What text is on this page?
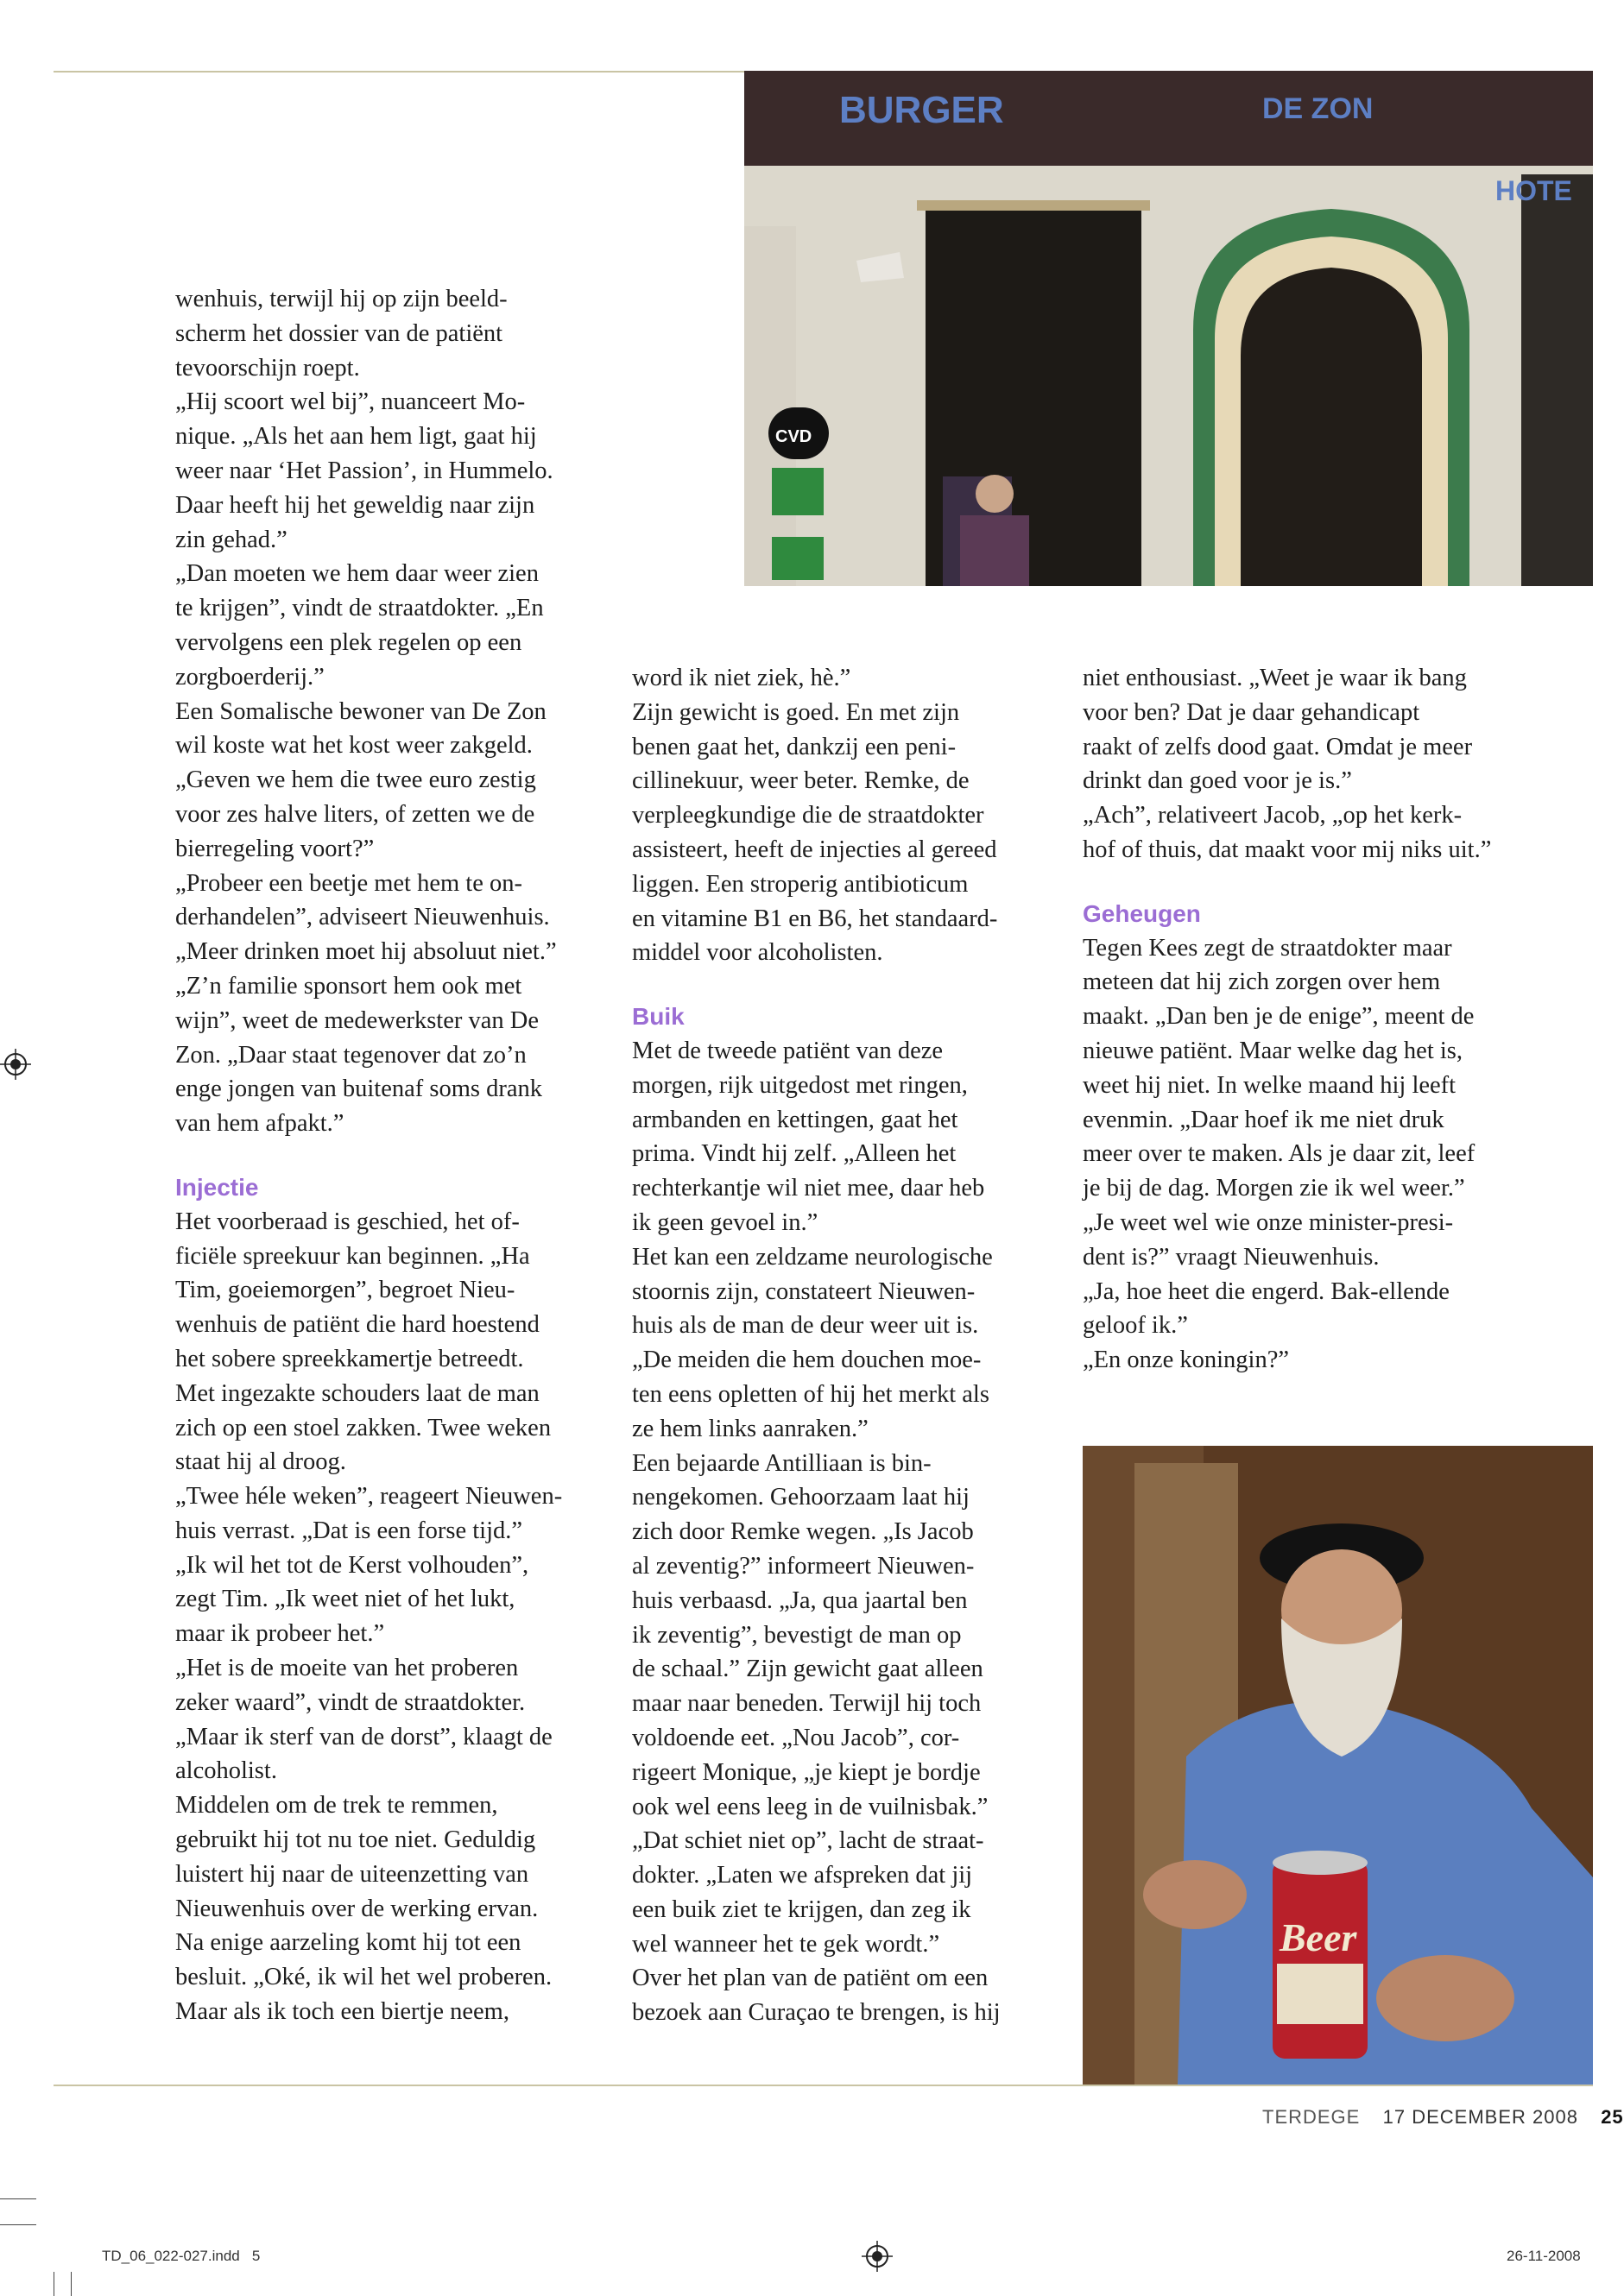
BURGER	DE ZON
HOTE
CVD

wenhuis, terwijl hij op zijn beeld-
scherm het dossier van de patiënt
tevoorschijn roept.
„Hij scoort wel bij”, nuanceert Mo-
nique. „Als het aan hem ligt, gaat hij
weer naar ‘Het Passion’, in Hummelo.
Daar heeft hij het geweldig naar zijn
zin gehad.”
„Dan moeten we hem daar weer zien
te krijgen”, vindt de straatdokter. „En
vervolgens een plek regelen op een
zorgboerderij.”
Een Somalische bewoner van De Zon
wil koste wat het kost weer zakgeld.
„Geven we hem die twee euro zestig
voor zes halve liters, of zetten we de
bierregeling voort?”
„Probeer een beetje met hem te on-
derhandelen”, adviseert Nieuwenhuis.
„Meer drinken moet hij absoluut niet.”
„Z’n familie sponsort hem ook met
wijn”, weet de medewerkster van De
Zon. „Daar staat tegenover dat zo’n
enge jongen van buitenaf soms drank
van hem afpakt.”

Injectie

Het voorberaad is geschied, het of-
ficiële spreekuur kan beginnen. „Ha
Tim, goeiemorgen”, begroet Nieu-
wenhuis de patiënt die hard hoestend
het sobere spreekkamertje betreedt.
Met ingezakte schouders laat de man
zich op een stoel zakken. Twee weken
staat hij al droog.
„Twee héle weken”, reageert Nieuwen-
huis verrast. „Dat is een forse tijd.”
„Ik wil het tot de Kerst volhouden”,
zegt Tim. „Ik weet niet of het lukt,
maar ik probeer het.”
„Het is de moeite van het proberen
zeker waard”, vindt de straatdokter.
„Maar ik sterf van de dorst”, klaagt de
alcoholist.
Middelen om de trek te remmen,
gebruikt hij tot nu toe niet. Geduldig
luistert hij naar de uiteenzetting van
Nieuwenhuis over de werking ervan.
Na enige aarzeling komt hij tot een
besluit. „Oké, ik wil het wel proberen.
Maar als ik toch een biertje neem,

word ik niet ziek, hè.”
Zijn gewicht is goed. En met zijn
benen gaat het, dankzij een peni-
cillinekuur, weer beter. Remke, de
verpleegkundige die de straatdokter
assisteert, heeft de injecties al gereed
liggen. Een stroperig antibioticum
en vitamine B1 en B6, het standaard-
middel voor alcoholisten.

Buik

Met de tweede patiënt van deze
morgen, rijk uitgedost met ringen,
armbanden en kettingen, gaat het
prima. Vindt hij zelf. „Alleen het
rechterkantje wil niet mee, daar heb
ik geen gevoel in.”
Het kan een zeldzame neurologische
stoornis zijn, constateert Nieuwen-
huis als de man de deur weer uit is.
„De meiden die hem douchen moe-
ten eens opletten of hij het merkt als
ze hem links aanraken.”
Een bejaarde Antilliaan is bin-
nengekomen. Gehoorzaam laat hij
zich door Remke wegen. „Is Jacob
al zeventig?” informeert Nieuwen-
huis verbaasd. „Ja, qua jaartal ben
ik zeventig”, bevestigt de man op
de schaal.” Zijn gewicht gaat alleen
maar naar beneden. Terwijl hij toch
voldoende eet. „Nou Jacob”, cor-
rigeert Monique, „je kiept je bordje
ook wel eens leeg in de vuilnisbak.”
„Dat schiet niet op”, lacht de straat-
dokter. „Laten we afspreken dat jij
een buik ziet te krijgen, dan zeg ik
wel wanneer het te gek wordt.”
Over het plan van de patiënt om een
bezoek aan Curaçao te brengen, is hij

niet enthousiast. „Weet je waar ik bang
voor ben? Dat je daar gehandicapt
raakt of zelfs dood gaat. Omdat je meer
drinkt dan goed voor je is.”
„Ach”, relativeert Jacob, „op het kerk-
hof of thuis, dat maakt voor mij niks uit.”

Geheugen

Tegen Kees zegt de straatdokter maar
meteen dat hij zich zorgen over hem
maakt. „Dan ben je de enige”, meent de
nieuwe patiënt. Maar welke dag het is,
weet hij niet. In welke maand hij leeft
evenmin. „Daar hoef ik me niet druk
meer over te maken. Als je daar zit, leef
je bij de dag. Morgen zie ik wel weer.”
„Je weet wel wie onze minister-presi-
dent is?” vraagt Nieuwenhuis.
„Ja, hoe heet die engerd. Bak-ellende
geloof ik.”
„En onze koningin?”

Beer
TERDEGE 17 DECEMBER 2008 25
TD_06_022-027.indd   5	26-11-2008
